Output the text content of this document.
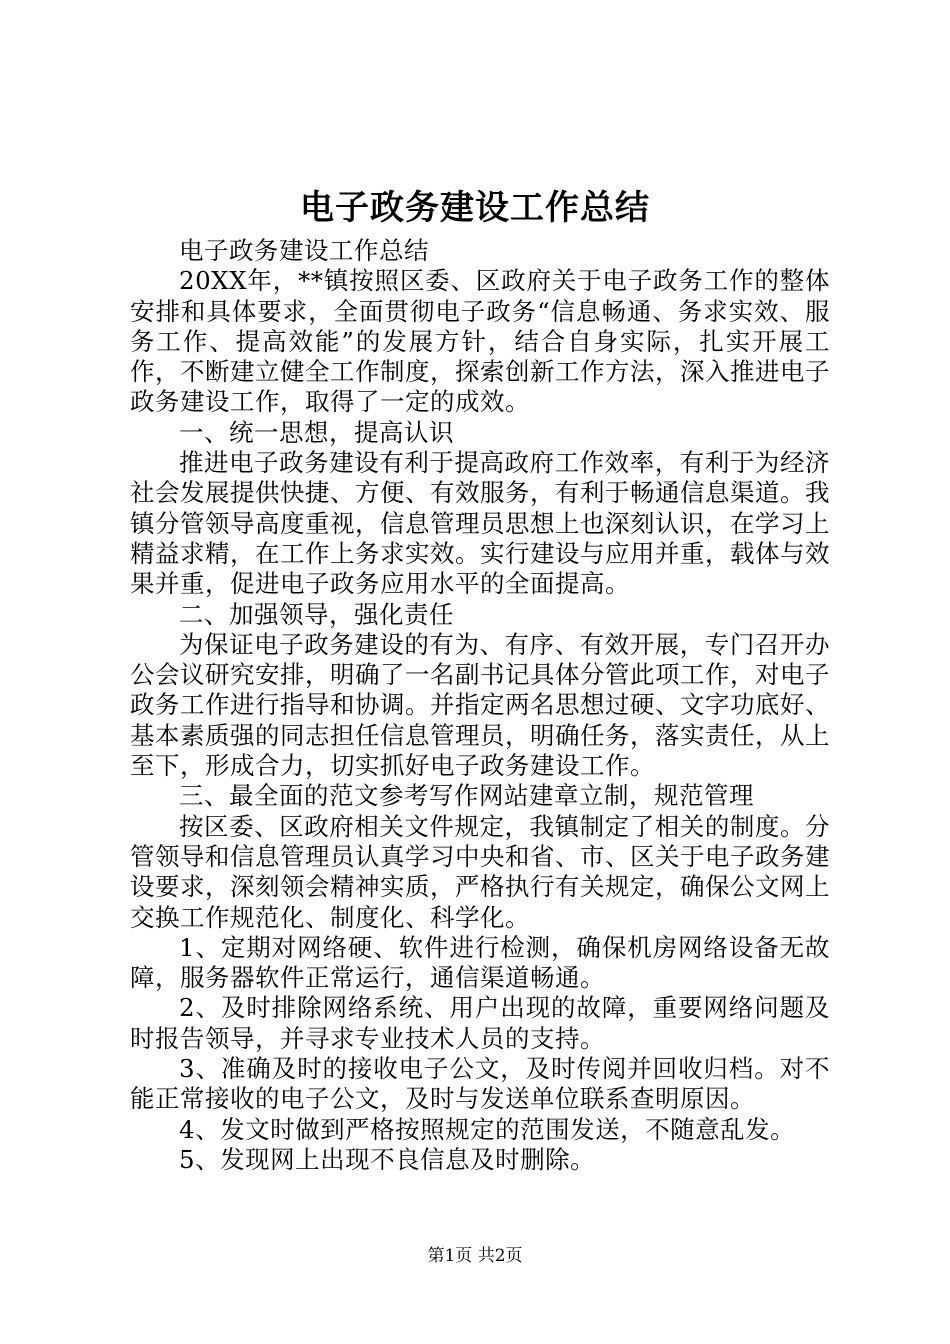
电子政务建设工作总结

电子政务建设工作总结

20XX年，**镇按照区委、区政府关于电子政务工作的整体安排和具体要求，全面贯彻电子政务“信息畅通、务求实效、服务工作、提高效能”的发展方针，结合自身实际，扎实开展工作，不断建立健全工作制度，探索创新工作方法，深入推进电子政务建设工作，取得了一定的成效。

一、统一思想，提高认识

推进电子政务建设有利于提高政府工作效率，有利于为经济社会发展提供快捷、方便、有效服务，有利于畅通信息渠道。我镇分管领导高度重视，信息管理员思想上也深刻认识，在学习上精益求精，在工作上务求实效。实行建设与应用并重，载体与效果并重，促进电子政务应用水平的全面提高。

二、加强领导，强化责任

为保证电子政务建设的有为、有序、有效开展，专门召开办公会议研究安排，明确了一名副书记具体分管此项工作，对电子政务工作进行指导和协调。并指定两名思想过硬、文字功底好、基本素质强的同志担任信息管理员，明确任务，落实责任，从上至下，形成合力，切实抓好电子政务建设工作。

三、最全面的范文参考写作网站建章立制，规范管理

按区委、区政府相关文件规定，我镇制定了相关的制度。分管领导和信息管理员认真学习中央和省、市、区关于电子政务建设要求，深刻领会精神实质，严格执行有关规定，确保公文网上交换工作规范化、制度化、科学化。

1、定期对网络硬、软件进行检测，确保机房网络设备无故障，服务器软件正常运行，通信渠道畅通。

2、及时排除网络系统、用户出现的故障，重要网络问题及时报告领导，并寻求专业技术人员的支持。

3、准确及时的接收电子公文，及时传阅并回收归档。对不能正常接收的电子公文，及时与发送单位联系查明原因。

4、发文时做到严格按照规定的范围发送，不随意乱发。

5、发现网上出现不良信息及时删除。

第1页 共2页
